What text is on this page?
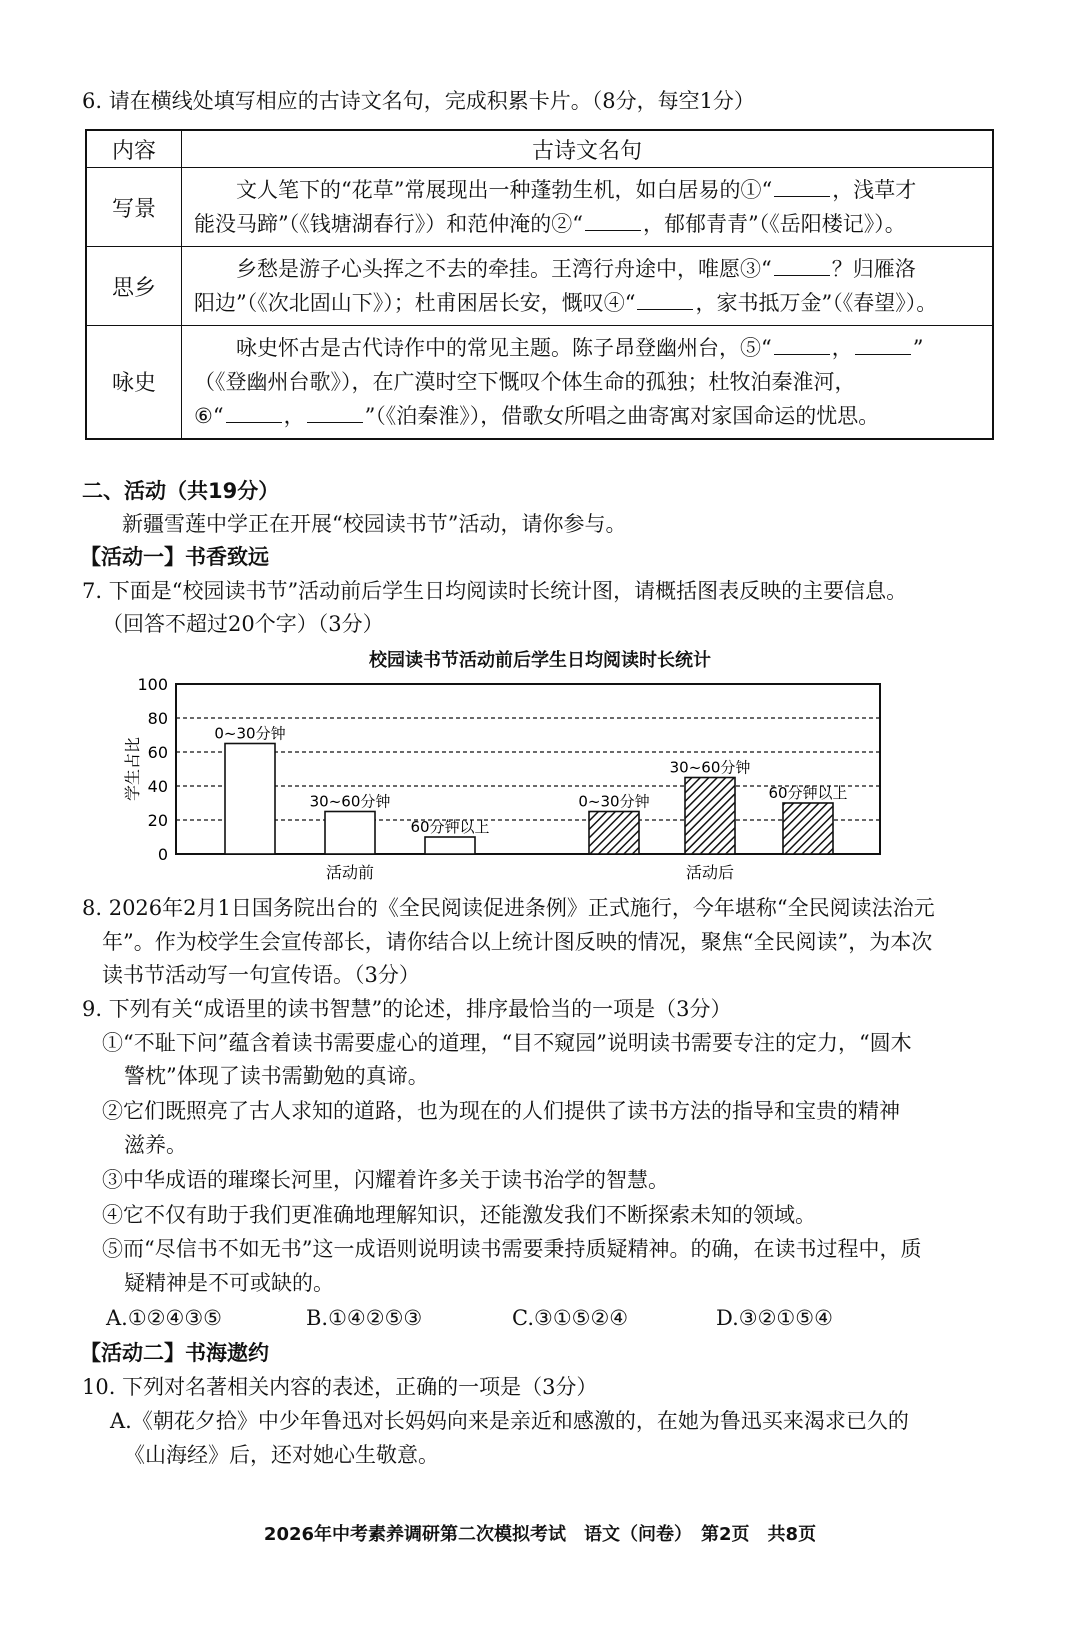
6. 请在横线处填写相应的古诗文名句，完成积累卡片。（8分，每空1分）
内容	古诗文名句
写景	文人笔下的“花草”常展现出一种蓬勃生机，如白居易的①“ ，浅草才
能没马蹄”（《钱塘湖春行》）和范仲淹的②“ ，郁郁青青”（《岳阳楼记》）。
思乡	乡愁是游子心头挥之不去的牵挂。王湾行舟途中，唯愿③“ ？归雁洛
阳边”（《次北固山下》）；杜甫困居长安，慨叹④“ ，家书抵万金”（《春望》）。
咏史	咏史怀古是古代诗作中的常见主题。陈子昂登幽州台，⑤“ ， ”
（《登幽州台歌》），在广漠时空下慨叹个体生命的孤独；杜牧泊秦淮河，
⑥“ ， ”（《泊秦淮》），借歌女所唱之曲寄寓对家国命运的忧思。
二、活动（共19分）
新疆雪莲中学正在开展“校园读书节”活动，请你参与。
【活动一】书香致远
7. 下面是“校园读书节”活动前后学生日均阅读时长统计图，请概括图表反映的主要信息。
（回答不超过20个字）（3分）
0
20
40
60
80
100
学生占比
0~30分钟
30~60分钟
60分钟以上
0~30分钟
30~60分钟
60分钟以上
活动前	活动后
校园读书节活动前后学生日均阅读时长统计
8. 2026年2月1日国务院出台的《全民阅读促进条例》正式施行，今年堪称“全民阅读法治元
年”。作为校学生会宣传部长，请你结合以上统计图反映的情况，聚焦“全民阅读”，为本次
读书节活动写一句宣传语。（3分）
9. 下列有关“成语里的读书智慧”的论述，排序最恰当的一项是（3分）
①“不耻下问”蕴含着读书需要虚心的道理，“目不窥园”说明读书需要专注的定力，“圆木
警枕”体现了读书需勤勉的真谛。
②它们既照亮了古人求知的道路，也为现在的人们提供了读书方法的指导和宝贵的精神
滋养。
③中华成语的璀璨长河里，闪耀着许多关于读书治学的智慧。
④它不仅有助于我们更准确地理解知识，还能激发我们不断探索未知的领域。
⑤而“尽信书不如无书”这一成语则说明读书需要秉持质疑精神。的确，在读书过程中，质
疑精神是不可或缺的。
A.①②④③⑤	B.①④②⑤③	C.③①⑤②④	D.③②①⑤④
【活动二】书海遨约
10. 下列对名著相关内容的表述，正确的一项是（3分）
A.《朝花夕拾》中少年鲁迅对长妈妈向来是亲近和感激的，在她为鲁迅买来渴求已久的
《山海经》后，还对她心生敬意。
2026年中考素养调研第二次模拟考试　语文（问卷）　第2页　共8页
